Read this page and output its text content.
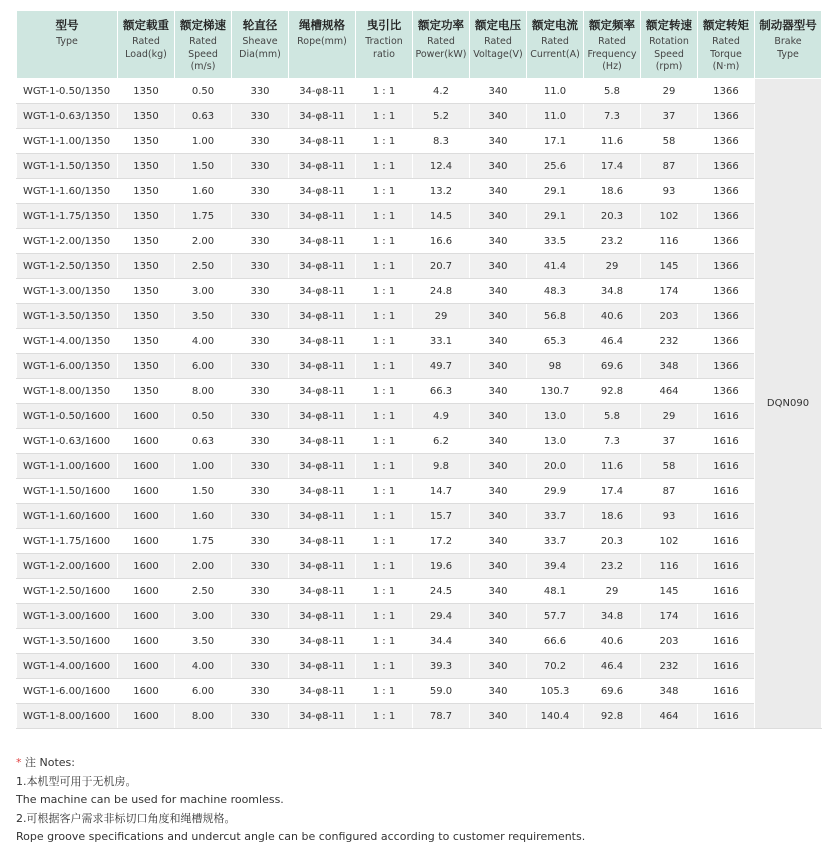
型号
Type	额定载重
Rated
Load(kg)	额定梯速
Rated
Speed
(m/s)	轮直径
Sheave
Dia(mm)	绳槽规格
Rope(mm)	曳引比
Traction
ratio	额定功率
Rated
Power(kW)	额定电压
Rated
Voltage(V)	额定电流
Rated
Current(A)	额定频率
Rated
Frequency
(Hz)	额定转速
Rotation
Speed
(rpm)	额定转矩
Rated
Torque
(N·m)	制动器型号
Brake
Type

WGT-1-0.50/1350	1350	0.50	330	34-φ8-11	1 : 1	4.2	340	11.0	5.8	29	1366	DQN090
WGT-1-0.63/1350	1350	0.63	330	34-φ8-11	1 : 1	5.2	340	11.0	7.3	37	1366	
WGT-1-1.00/1350	1350	1.00	330	34-φ8-11	1 : 1	8.3	340	17.1	11.6	58	1366	
WGT-1-1.50/1350	1350	1.50	330	34-φ8-11	1 : 1	12.4	340	25.6	17.4	87	1366	
WGT-1-1.60/1350	1350	1.60	330	34-φ8-11	1 : 1	13.2	340	29.1	18.6	93	1366	
WGT-1-1.75/1350	1350	1.75	330	34-φ8-11	1 : 1	14.5	340	29.1	20.3	102	1366	
WGT-1-2.00/1350	1350	2.00	330	34-φ8-11	1 : 1	16.6	340	33.5	23.2	116	1366	
WGT-1-2.50/1350	1350	2.50	330	34-φ8-11	1 : 1	20.7	340	41.4	29	145	1366	
WGT-1-3.00/1350	1350	3.00	330	34-φ8-11	1 : 1	24.8	340	48.3	34.8	174	1366	
WGT-1-3.50/1350	1350	3.50	330	34-φ8-11	1 : 1	29	340	56.8	40.6	203	1366	
WGT-1-4.00/1350	1350	4.00	330	34-φ8-11	1 : 1	33.1	340	65.3	46.4	232	1366	
WGT-1-6.00/1350	1350	6.00	330	34-φ8-11	1 : 1	49.7	340	98	69.6	348	1366	
WGT-1-8.00/1350	1350	8.00	330	34-φ8-11	1 : 1	66.3	340	130.7	92.8	464	1366	
WGT-1-0.50/1600	1600	0.50	330	34-φ8-11	1 : 1	4.9	340	13.0	5.8	29	1616	
WGT-1-0.63/1600	1600	0.63	330	34-φ8-11	1 : 1	6.2	340	13.0	7.3	37	1616	
WGT-1-1.00/1600	1600	1.00	330	34-φ8-11	1 : 1	9.8	340	20.0	11.6	58	1616	
WGT-1-1.50/1600	1600	1.50	330	34-φ8-11	1 : 1	14.7	340	29.9	17.4	87	1616	
WGT-1-1.60/1600	1600	1.60	330	34-φ8-11	1 : 1	15.7	340	33.7	18.6	93	1616	
WGT-1-1.75/1600	1600	1.75	330	34-φ8-11	1 : 1	17.2	340	33.7	20.3	102	1616	
WGT-1-2.00/1600	1600	2.00	330	34-φ8-11	1 : 1	19.6	340	39.4	23.2	116	1616	
WGT-1-2.50/1600	1600	2.50	330	34-φ8-11	1 : 1	24.5	340	48.1	29	145	1616	
WGT-1-3.00/1600	1600	3.00	330	34-φ8-11	1 : 1	29.4	340	57.7	34.8	174	1616	
WGT-1-3.50/1600	1600	3.50	330	34-φ8-11	1 : 1	34.4	340	66.6	40.6	203	1616	
WGT-1-4.00/1600	1600	4.00	330	34-φ8-11	1 : 1	39.3	340	70.2	46.4	232	1616	
WGT-1-6.00/1600	1600	6.00	330	34-φ8-11	1 : 1	59.0	340	105.3	69.6	348	1616	
WGT-1-8.00/1600	1600	8.00	330	34-φ8-11	1 : 1	78.7	340	140.4	92.8	464	1616	
* 注 Notes:
1.本机型可用于无机房。
The machine can be used for machine roomless.
2.可根据客户需求非标切口角度和绳槽规格。
Rope groove specifications and undercut angle can be configured according to customer requirements.
